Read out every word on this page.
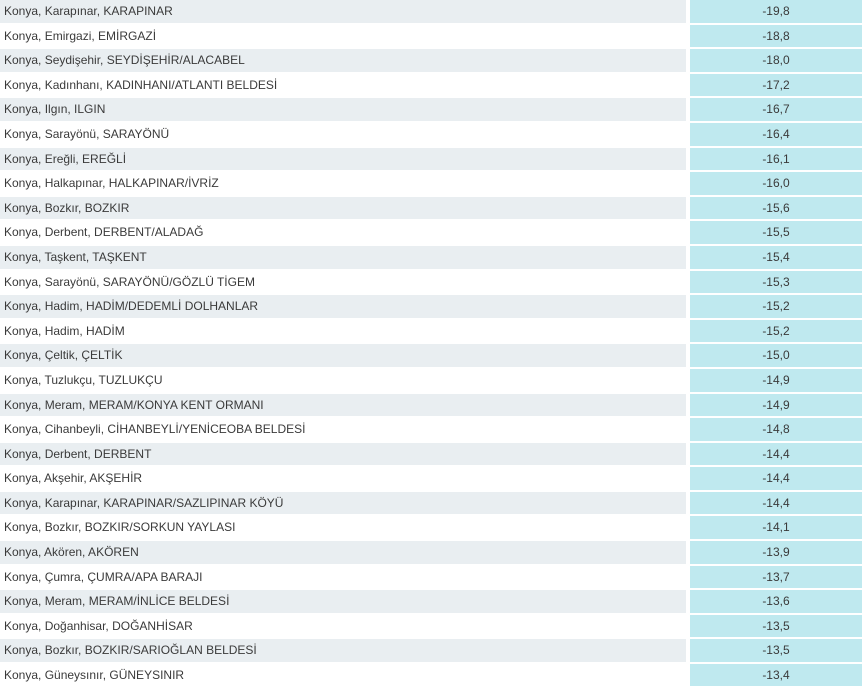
Konya, Karapınar, KARAPINAR	-19,8
Konya, Emirgazi, EMİRGAZİ	-18,8
Konya, Seydişehir, SEYDİŞEHİR/ALACABEL	-18,0
Konya, Kadınhanı, KADINHANI/ATLANTI BELDESİ	-17,2
Konya, Ilgın, ILGIN	-16,7
Konya, Sarayönü, SARAYÖNÜ	-16,4
Konya, Ereğli, EREĞLİ	-16,1
Konya, Halkapınar, HALKAPINAR/İVRİZ	-16,0
Konya, Bozkır, BOZKIR	-15,6
Konya, Derbent, DERBENT/ALADAĞ	-15,5
Konya, Taşkent, TAŞKENT	-15,4
Konya, Sarayönü, SARAYÖNÜ/GÖZLÜ TİGEM	-15,3
Konya, Hadim, HADİM/DEDEMLİ DOLHANLAR	-15,2
Konya, Hadim, HADİM	-15,2
Konya, Çeltik, ÇELTİK	-15,0
Konya, Tuzlukçu, TUZLUKÇU	-14,9
Konya, Meram, MERAM/KONYA KENT ORMANI	-14,9
Konya, Cihanbeyli, CİHANBEYLİ/YENİCEOBA BELDESİ	-14,8
Konya, Derbent, DERBENT	-14,4
Konya, Akşehir, AKŞEHİR	-14,4
Konya, Karapınar, KARAPINAR/SAZLIPINAR KÖYÜ	-14,4
Konya, Bozkır, BOZKIR/SORKUN YAYLASI	-14,1
Konya, Akören, AKÖREN	-13,9
Konya, Çumra, ÇUMRA/APA BARAJI	-13,7
Konya, Meram, MERAM/İNLİCE BELDESİ	-13,6
Konya, Doğanhisar, DOĞANHİSAR	-13,5
Konya, Bozkır, BOZKIR/SARIOĞLAN BELDESİ	-13,5
Konya, Güneysınır, GÜNEYSINIR	-13,4
